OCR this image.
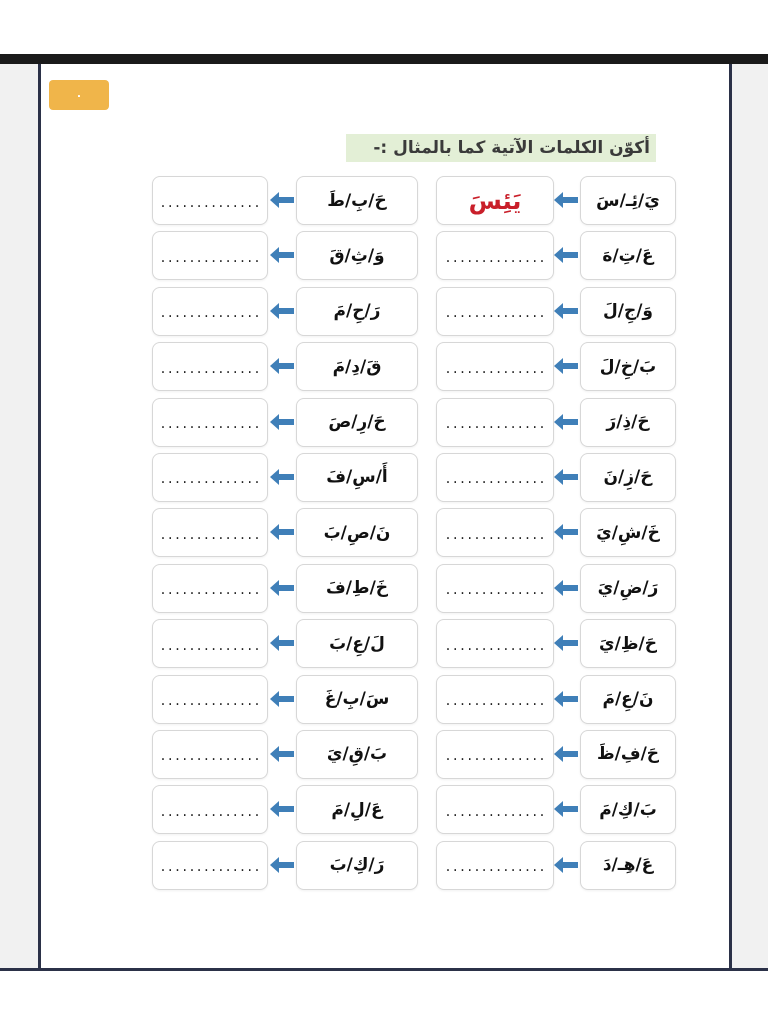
٠
أكوّن الكلمات الآتية كما بالمثال :-
يَ/ئِـ/سَ
يَئِسَ
حَ/بِ/طَ
..............
عَ/تِ/هَ
..............
وَ/ثِ/قَ
..............
وَ/جِ/لَ
..............
رَ/حِ/مَ
..............
بَ/خِ/لَ
..............
قَ/دِ/مَ
..............
حَ/ذِ/رَ
..............
حَ/رِ/صَ
..............
حَ/زِ/نَ
..............
أَ/سِ/فَ
..............
خَ/شِ/يَ
..............
نَ/صِ/بَ
..............
رَ/ضِ/يَ
..............
خَ/طِ/فَ
..............
حَ/ظِ/يَ
..............
لَ/عِ/بَ
..............
نَ/عِ/مَ
..............
سَ/بِ/غَ
..............
حَ/فِ/ظَ
..............
بَ/قِ/يَ
..............
بَ/كِ/مَ
..............
عَ/لِ/مَ
..............
عَ/هِـ/دَ
..............
رَ/كِ/بَ
..............
